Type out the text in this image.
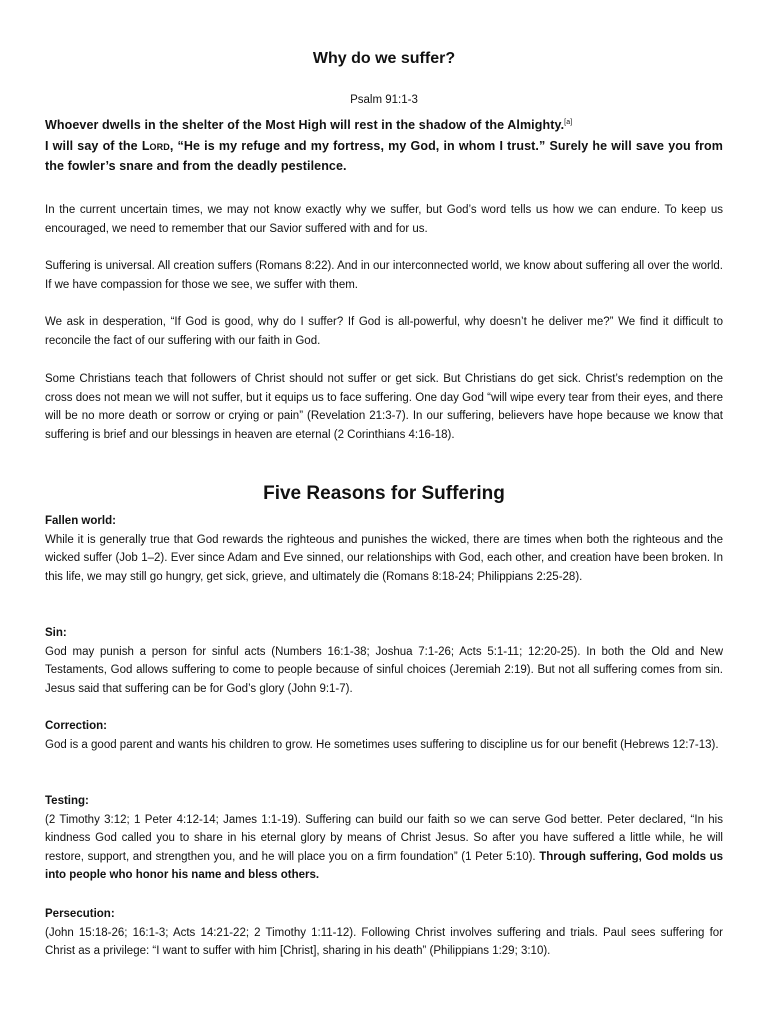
Why do we suffer?
Psalm 91:1-3
Whoever dwells in the shelter of the Most High will rest in the shadow of the Almighty.[a]
I will say of the Lord, “He is my refuge and my fortress, my God, in whom I trust.” Surely he will save you from the fowler’s snare and from the deadly pestilence.

In the current uncertain times, we may not know exactly why we suffer, but God’s word tells us how we can endure. To keep us encouraged, we need to remember that our Savior suffered with and for us.

Suffering is universal. All creation suffers (Romans 8:22). And in our interconnected world, we know about suffering all over the world. If we have compassion for those we see, we suffer with them.

We ask in desperation, “If God is good, why do I suffer? If God is all-powerful, why doesn’t he deliver me?” We find it difficult to reconcile the fact of our suffering with our faith in God.

Some Christians teach that followers of Christ should not suffer or get sick. But Christians do get sick. Christ’s redemption on the cross does not mean we will not suffer, but it equips us to face suffering. One day God “will wipe every tear from their eyes, and there will be no more death or sorrow or crying or pain” (Revelation 21:3-7). In our suffering, believers have hope because we know that suffering is brief and our blessings in heaven are eternal (2 Corinthians 4:16-18).

Five Reasons for Suffering

Fallen world:

While it is generally true that God rewards the righteous and punishes the wicked, there are times when both the righteous and the wicked suffer (Job 1–2). Ever since Adam and Eve sinned, our relationships with God, each other, and creation have been broken. In this life, we may still go hungry, get sick, grieve, and ultimately die (Romans 8:18-24; Philippians 2:25-28).

Sin:

God may punish a person for sinful acts (Numbers 16:1-38; Joshua 7:1-26; Acts 5:1-11; 12:20-25). In both the Old and New Testaments, God allows suffering to come to people because of sinful choices (Jeremiah 2:19). But not all suffering comes from sin. Jesus said that suffering can be for God’s glory (John 9:1-7).

Correction:

God is a good parent and wants his children to grow. He sometimes uses suffering to discipline us for our benefit (Hebrews 12:7-13).

Testing:

(2 Timothy 3:12; 1 Peter 4:12-14; James 1:1-19). Suffering can build our faith so we can serve God better. Peter declared, “In his kindness God called you to share in his eternal glory by means of Christ Jesus. So after you have suffered a little while, he will restore, support, and strengthen you, and he will place you on a firm foundation” (1 Peter 5:10). Through suffering, God molds us into people who honor his name and bless others.

Persecution:

(John 15:18-26; 16:1-3; Acts 14:21-22; 2 Timothy 1:11-12). Following Christ involves suffering and trials. Paul sees suffering for Christ as a privilege: “I want to suffer with him [Christ], sharing in his death” (Philippians 1:29; 3:10).
